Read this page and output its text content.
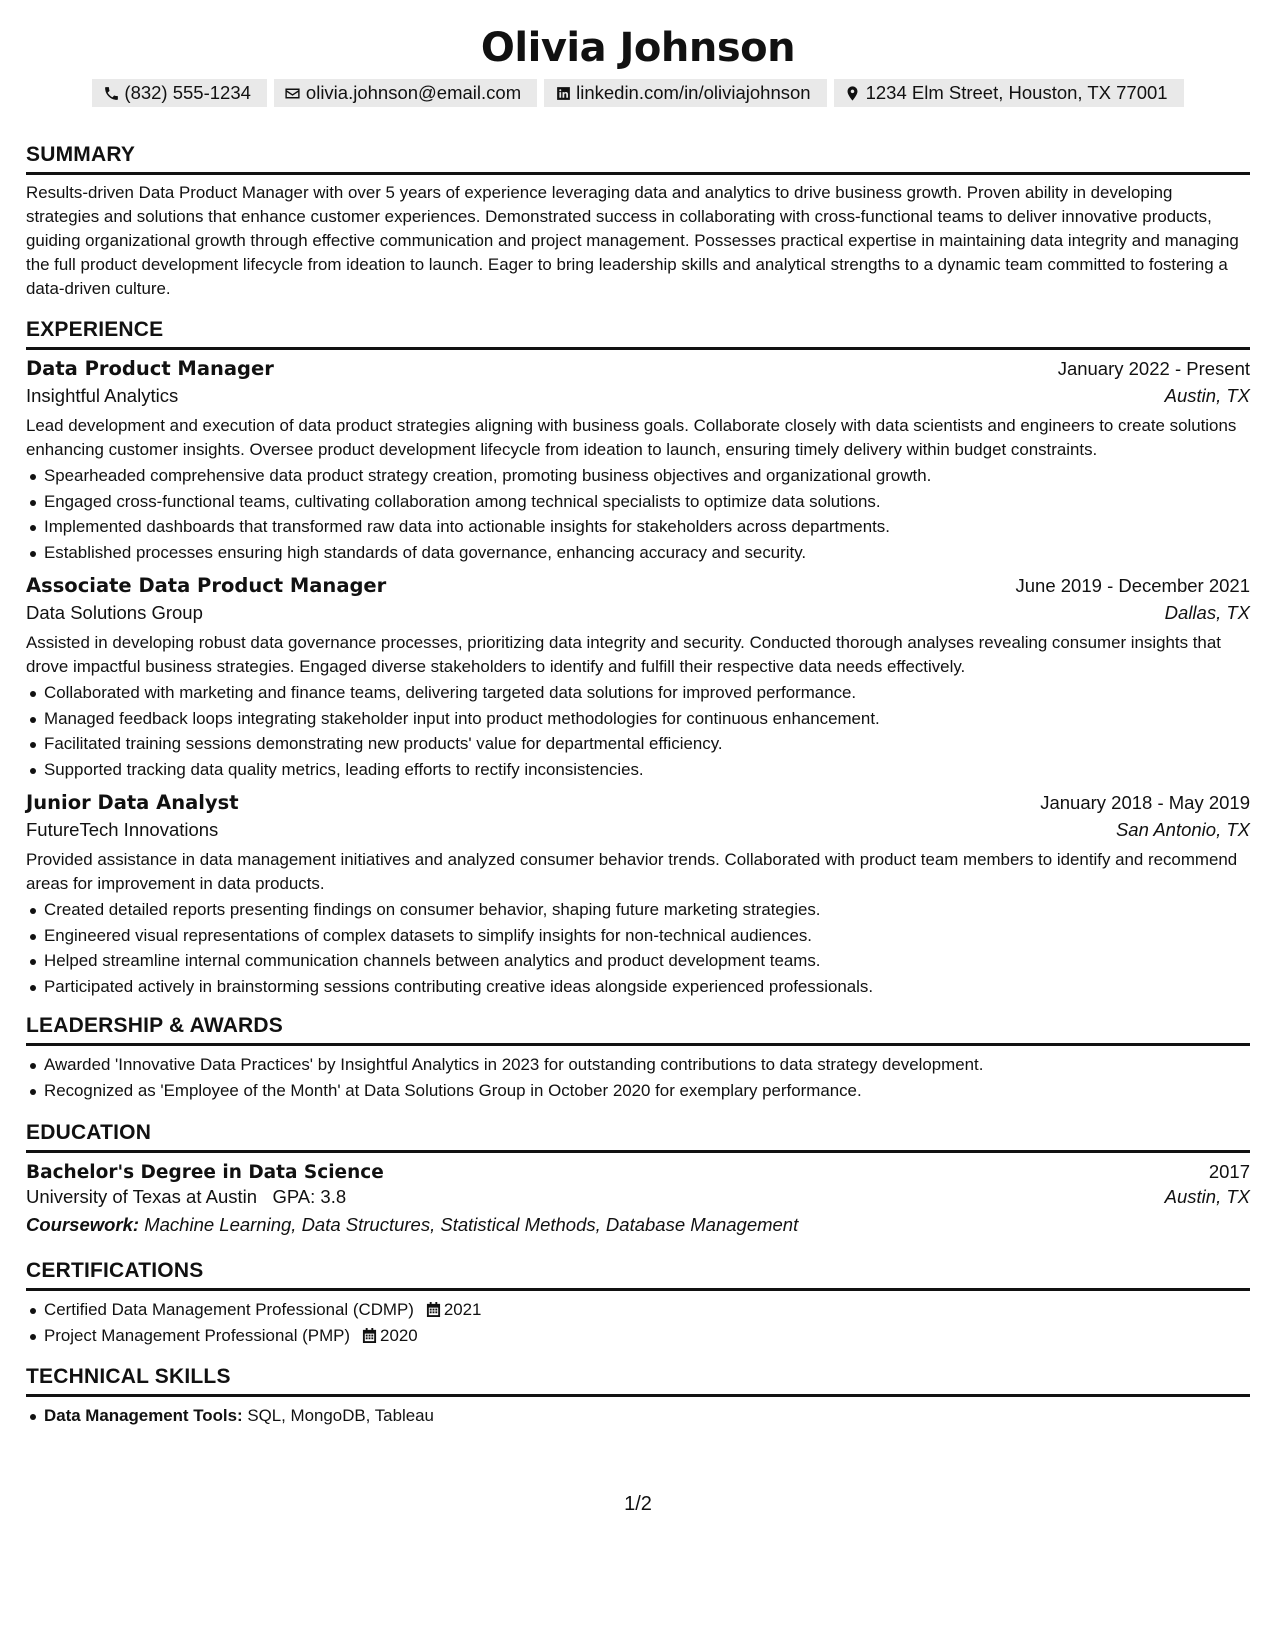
Olivia Johnson
(832) 555-1234	olivia.johnson@email.com	linkedin.com/in/oliviajohnson	1234 Elm Street, Houston, TX 77001
SUMMARY
Results-driven Data Product Manager with over 5 years of experience leveraging data and analytics to drive business growth. Proven ability in developing strategies and solutions that enhance customer experiences. Demonstrated success in collaborating with cross-functional teams to deliver innovative products, guiding organizational growth through effective communication and project management. Possesses practical expertise in maintaining data integrity and managing the full product development lifecycle from ideation to launch. Eager to bring leadership skills and analytical strengths to a dynamic team committed to fostering a data-driven culture.
EXPERIENCE
Data Product Manager	January 2022 - Present
Insightful Analytics	Austin, TX
Lead development and execution of data product strategies aligning with business goals. Collaborate closely with data scientists and engineers to create solutions enhancing customer insights. Oversee product development lifecycle from ideation to launch, ensuring timely delivery within budget constraints.
Spearheaded comprehensive data product strategy creation, promoting business objectives and organizational growth.
Engaged cross-functional teams, cultivating collaboration among technical specialists to optimize data solutions.
Implemented dashboards that transformed raw data into actionable insights for stakeholders across departments.
Established processes ensuring high standards of data governance, enhancing accuracy and security.
Associate Data Product Manager	June 2019 - December 2021
Data Solutions Group	Dallas, TX
Assisted in developing robust data governance processes, prioritizing data integrity and security. Conducted thorough analyses revealing consumer insights that drove impactful business strategies. Engaged diverse stakeholders to identify and fulfill their respective data needs effectively.
Collaborated with marketing and finance teams, delivering targeted data solutions for improved performance.
Managed feedback loops integrating stakeholder input into product methodologies for continuous enhancement.
Facilitated training sessions demonstrating new products' value for departmental efficiency.
Supported tracking data quality metrics, leading efforts to rectify inconsistencies.
Junior Data Analyst	January 2018 - May 2019
FutureTech Innovations	San Antonio, TX
Provided assistance in data management initiatives and analyzed consumer behavior trends. Collaborated with product team members to identify and recommend areas for improvement in data products.
Created detailed reports presenting findings on consumer behavior, shaping future marketing strategies.
Engineered visual representations of complex datasets to simplify insights for non-technical audiences.
Helped streamline internal communication channels between analytics and product development teams.
Participated actively in brainstorming sessions contributing creative ideas alongside experienced professionals.
LEADERSHIP & AWARDS
Awarded 'Innovative Data Practices' by Insightful Analytics in 2023 for outstanding contributions to data strategy development.
Recognized as 'Employee of the Month' at Data Solutions Group in October 2020 for exemplary performance.
EDUCATION
Bachelor's Degree in Data Science	2017
University of Texas at Austin GPA: 3.8	Austin, TX
Coursework: Machine Learning, Data Structures, Statistical Methods, Database Management
CERTIFICATIONS
Certified Data Management Professional (CDMP) 2021
Project Management Professional (PMP) 2020
TECHNICAL SKILLS
Data Management Tools: SQL, MongoDB, Tableau
1/2
